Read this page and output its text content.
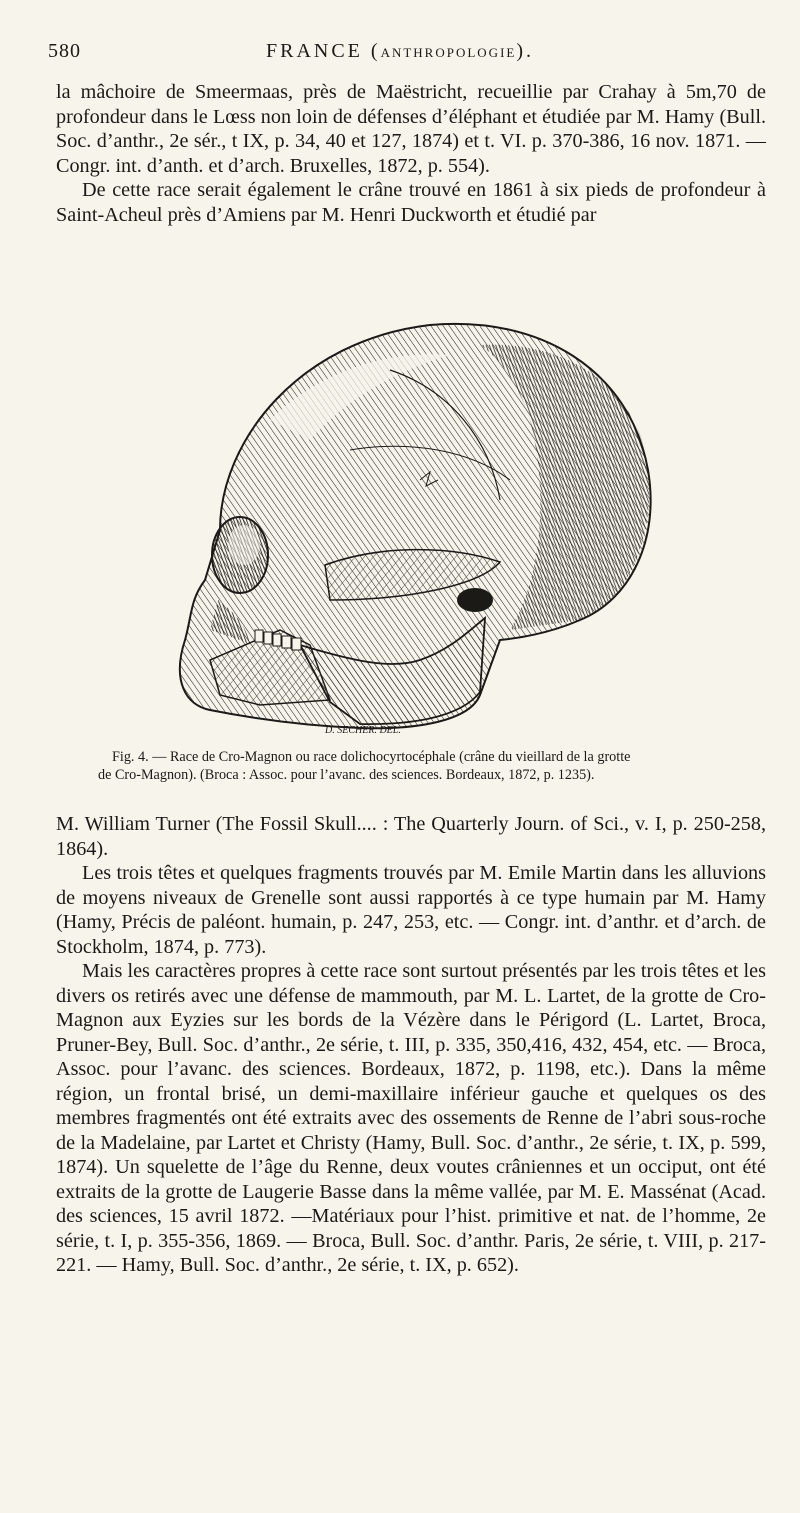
580	FRANCE (ANTHROPOLOGIE).

la mâchoire de Smeermaas, près de Maëstricht, recueillie par Crahay à 5m,70 de profondeur dans le Lœss non loin de défenses d’éléphant et étudiée par M. Hamy (Bull. Soc. d’anthr., 2e sér., t IX, p. 34, 40 et 127, 1874) et t. VI. p. 370-386, 16 nov. 1871. — Congr. int. d’anth. et d’arch. Bruxelles, 1872, p. 554).

De cette race serait également le crâne trouvé en 1861 à six pieds de profondeur à Saint-Acheul près d’Amiens par M. Henri Duckworth et étudié par

D. SECHER. DEL.

Fig. 4. — Race de Cro-Magnon ou race dolichocyrtocéphale (crâne du vieillard de la grotte

de Cro-Magnon). (Broca : Assoc. pour l’avanc. des sciences. Bordeaux, 1872, p. 1235).

M. William Turner (The Fossil Skull.... : The Quarterly Journ. of Sci., v. I, p. 250-258, 1864).

Les trois têtes et quelques fragments trouvés par M. Emile Martin dans les alluvions de moyens niveaux de Grenelle sont aussi rapportés à ce type humain par M. Hamy (Hamy, Précis de paléont. humain, p. 247, 253, etc. — Congr. int. d’anthr. et d’arch. de Stockholm, 1874, p. 773).

Mais les caractères propres à cette race sont surtout présentés par les trois têtes et les divers os retirés avec une défense de mammouth, par M. L. Lartet, de la grotte de Cro-Magnon aux Eyzies sur les bords de la Vézère dans le Périgord (L. Lartet, Broca, Pruner-Bey, Bull. Soc. d’anthr., 2e série, t. III, p. 335, 350,416, 432, 454, etc. — Broca, Assoc. pour l’avanc. des sciences. Bordeaux, 1872, p. 1198, etc.). Dans la même région, un frontal brisé, un demi-maxillaire inférieur gauche et quelques os des membres fragmentés ont été extraits avec des ossements de Renne de l’abri sous-roche de la Madelaine, par Lartet et Christy (Hamy, Bull. Soc. d’anthr., 2e série, t. IX, p. 599, 1874). Un squelette de l’âge du Renne, deux voutes crâniennes et un occiput, ont été extraits de la grotte de Laugerie Basse dans la même vallée, par M. E. Massénat (Acad. des sciences, 15 avril 1872. —Matériaux pour l’hist. primitive et nat. de l’homme, 2e série, t. I, p. 355-356, 1869. — Broca, Bull. Soc. d’anthr. Paris, 2e série, t. VIII, p. 217-221. — Hamy, Bull. Soc. d’anthr., 2e série, t. IX, p. 652).
